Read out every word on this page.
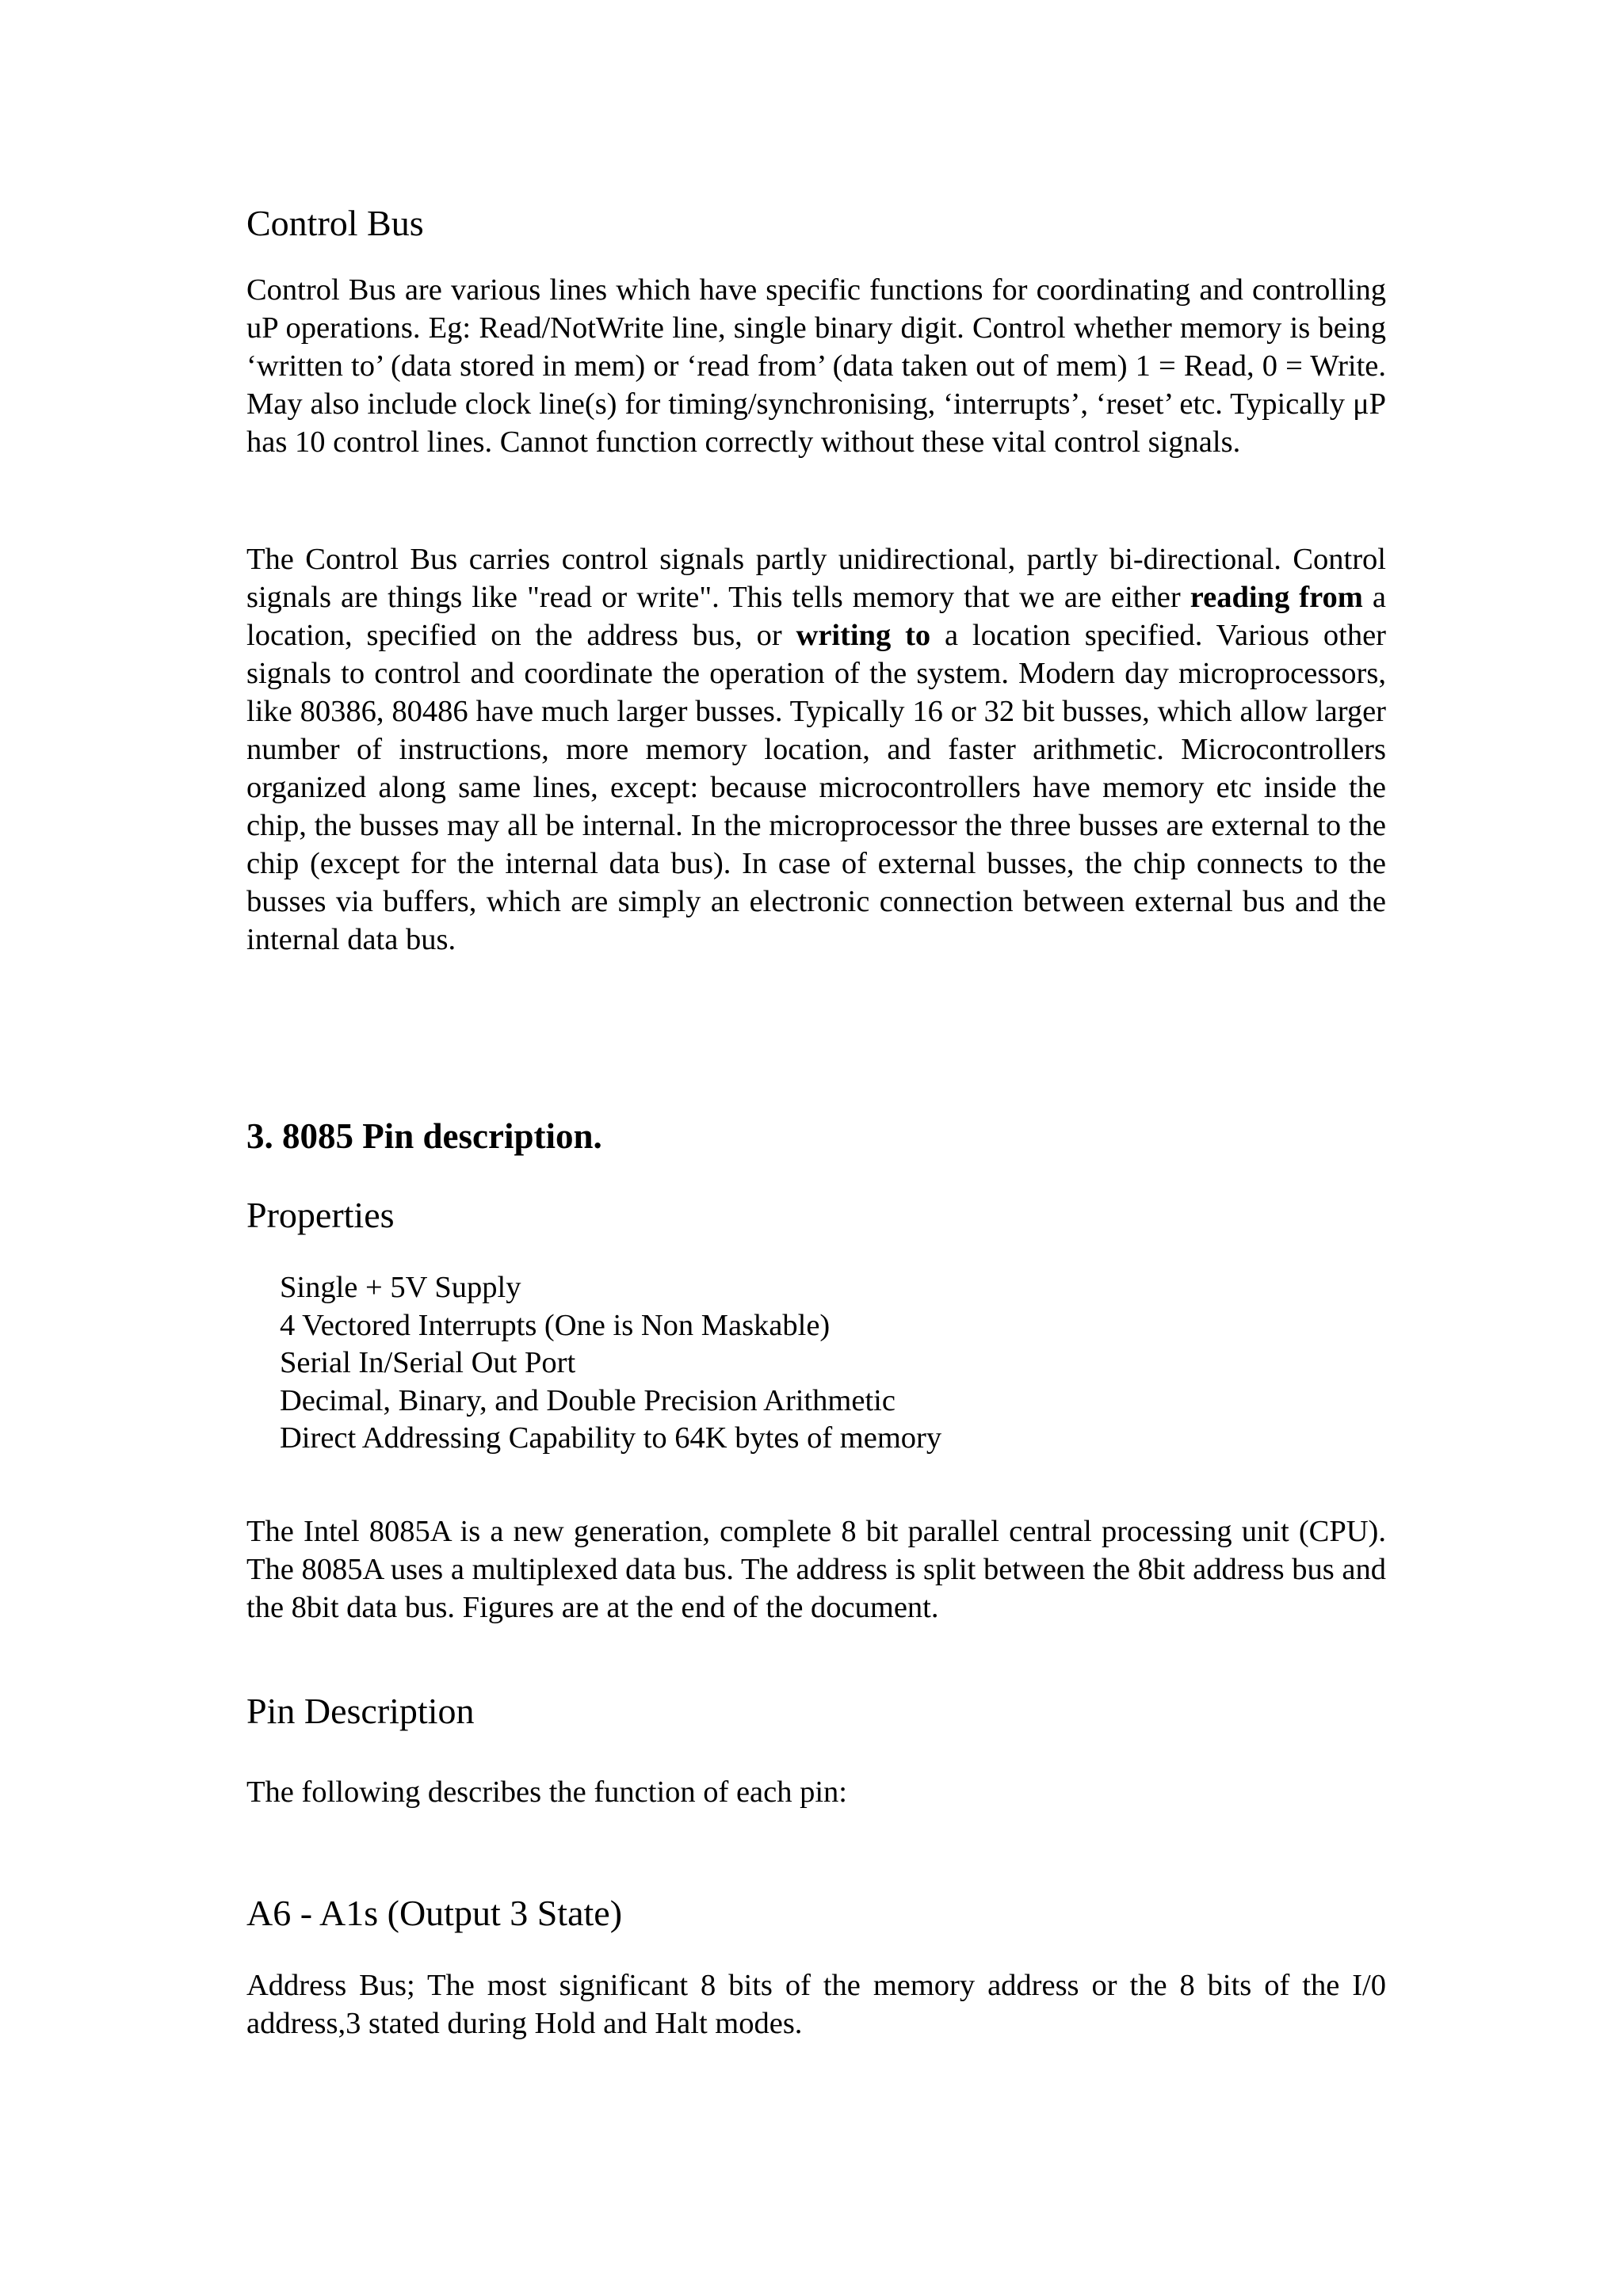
Control Bus

Control Bus are various lines which have specific functions for coordinating and controlling uP operations. Eg: Read/NotWrite line, single binary digit. Control whether memory is being ‘written to’ (data stored in mem) or ‘read from’ (data taken out of mem) 1 = Read, 0 = Write. May also include clock line(s) for timing/synchronising, ‘interrupts’, ‘reset’ etc. Typically μP has 10 control lines. Cannot function correctly without these vital control signals.

The Control Bus carries control signals partly unidirectional, partly bi-directional. Control signals are things like "read or write". This tells memory that we are either reading from a location, specified on the address bus, or writing to a location specified. Various other signals to control and coordinate the operation of the system. Modern day microprocessors, like 80386, 80486 have much larger busses. Typically 16 or 32 bit busses, which allow larger number of instructions, more memory location, and faster arithmetic. Microcontrollers organized along same lines, except: because microcontrollers have memory etc inside the chip, the busses may all be internal. In the microprocessor the three busses are external to the chip (except for the internal data bus). In case of external busses, the chip connects to the busses via buffers, which are simply an electronic connection between external bus and the internal data bus.

3. 8085 Pin description.
Properties
Single + 5V Supply
4 Vectored Interrupts (One is Non Maskable)
Serial In/Serial Out Port
Decimal, Binary, and Double Precision Arithmetic
Direct Addressing Capability to 64K bytes of memory

The Intel 8085A is a new generation, complete 8 bit parallel central processing unit (CPU). The 8085A uses a multiplexed data bus. The address is split between the 8bit address bus and the 8bit data bus. Figures are at the end of the document.

Pin Description

The following describes the function of each pin:

A6 - A1s (Output 3 State)

Address Bus; The most significant 8 bits of the memory address or the 8 bits of the I/0 address,3 stated during Hold and Halt modes.
